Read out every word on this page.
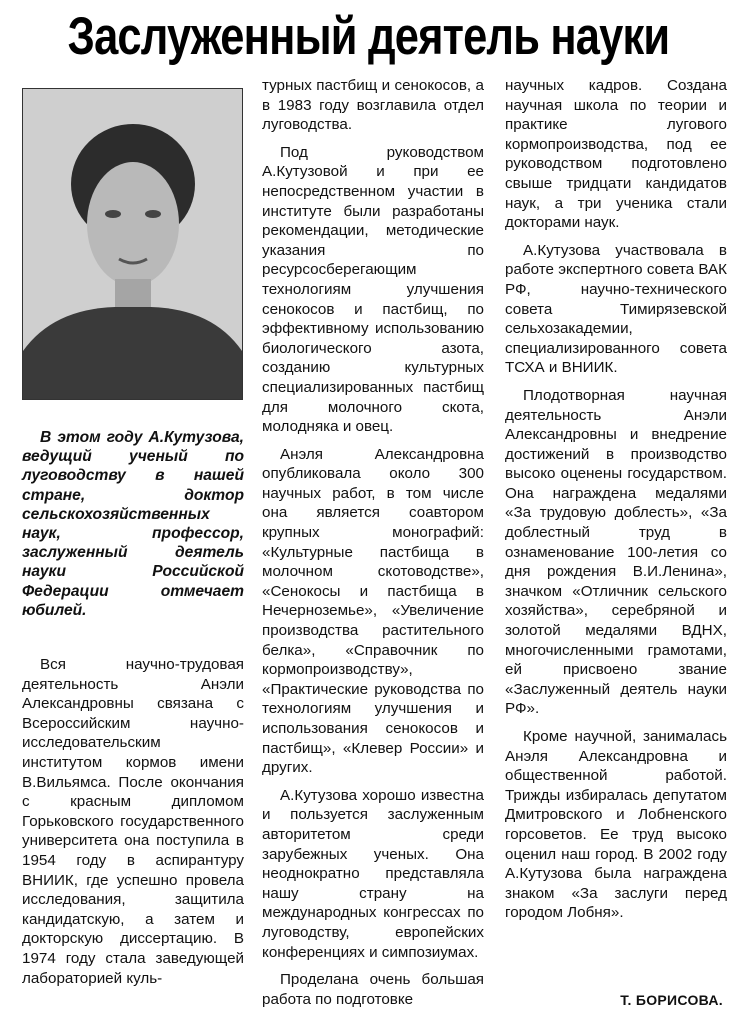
Заслуженный деятель науки

В этом году А.Кутузова, ведущий ученый по луговодству в нашей стране, доктор сельскохозяйственных наук, профессор, заслуженный деятель науки Российской Федерации отмечает юбилей.

Вся научно-трудовая деятельность Анэли Александровны связана с Всероссийским научно-исследовательским институтом кормов имени В.Вильямса. После окончания с красным дипломом Горьковского государственного университета она поступила в 1954 году в аспирантуру ВНИИК, где успешно провела исследования, защитила кандидатскую, а затем и докторскую диссертацию. В 1974 году стала заведующей лабораторией куль-

турных пастбищ и сенокосов, а в 1983 году возглавила отдел луговодства.

Под руководством А.Кутузовой и при ее непосредственном участии в институте были разработаны рекомендации, методические указания по ресурсосберегающим технологиям улучшения сенокосов и пастбищ, по эффективному использованию биологического азота, созданию культурных специализированных пастбищ для молочного скота, молодняка и овец.

Анэля Александровна опубликовала около 300 научных работ, в том числе она является соавтором крупных монографий: «Культурные пастбища в молочном скотоводстве», «Сенокосы и пастбища в Нечерноземье», «Увеличение производства растительного белка», «Справочник по кормопроизводству», «Практические руководства по технологиям улучшения и использования сенокосов и пастбищ», «Клевер России» и других.

А.Кутузова хорошо известна и пользуется заслуженным авторитетом среди зарубежных ученых. Она неоднократно представляла нашу страну на международных конгрессах по луговодству, европейских конференциях и симпозиумах.

Проделана очень большая работа по подготовке

научных кадров. Создана научная школа по теории и практике лугового кормопроизводства, под ее руководством подготовлено свыше тридцати кандидатов наук, а три ученика стали докторами наук.

А.Кутузова участвовала в работе экспертного совета ВАК РФ, научно-технического совета Тимирязевской сельхозакадемии, специализированного совета ТСХА и ВНИИК.

Плодотворная научная деятельность Анэли Александровны и внедрение достижений в производство высоко оценены государством. Она награждена медалями «За трудовую доблесть», «За доблестный труд в ознаменование 100-летия со дня рождения В.И.Ленина», значком «Отличник сельского хозяйства», серебряной и золотой медалями ВДНХ, многочисленными грамотами, ей присвоено звание «Заслуженный деятель науки РФ».

Кроме научной, занималась Анэля Александровна и общественной работой. Трижды избиралась депутатом Дмитровского и Лобненского горсоветов. Ее труд высоко оценил наш город. В 2002 году А.Кутузова была награждена знаком «За заслуги перед городом Лобня».

Т. БОРИСОВА.
